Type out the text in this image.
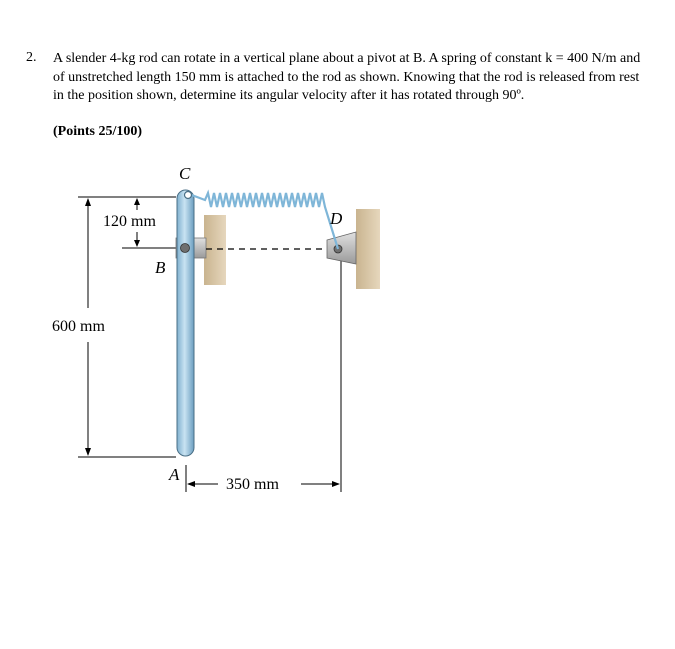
2. A slender 4-kg rod can rotate in a vertical plane about a pivot at B. A spring of constant k = 400 N/m and of unstretched length 150 mm is attached to the rod as shown. Knowing that the rod is released from rest in the position shown, determine its angular velocity after it has rotated through 90º.
(Points 25/100)
600 mm
120 mm
350 mm
C
D
B
A
